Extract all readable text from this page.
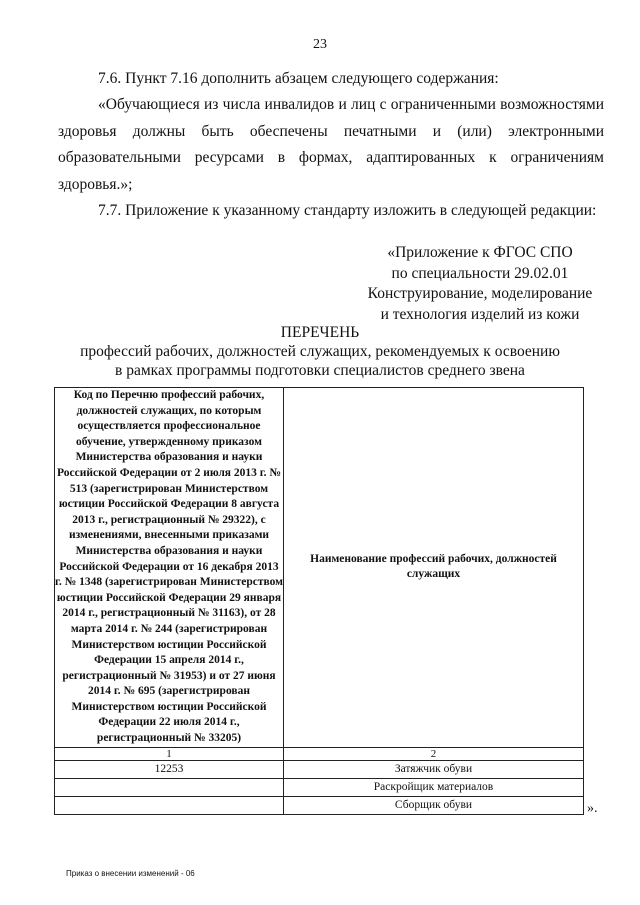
23
7.6. Пункт 7.16 дополнить абзацем следующего содержания:
«Обучающиеся из числа инвалидов и лиц с ограниченными возможностями здоровья должны быть обеспечены печатными и (или) электронными образовательными ресурсами в формах, адаптированных к ограничениям здоровья.»;
7.7. Приложение к указанному стандарту изложить в следующей редакции:
«Приложение к ФГОС СПО
по специальности 29.02.01
Конструирование, моделирование
и технология изделий из кожи
ПЕРЕЧЕНЬ
профессий рабочих, должностей служащих, рекомендуемых к освоению
в рамках программы подготовки специалистов среднего звена
Код по Перечню профессий рабочих, должностей служащих, по которым осуществляется профессиональное обучение, утвержденному приказом Министерства образования и науки Российской Федерации от 2 июля 2013 г. № 513 (зарегистрирован Министерством юстиции Российской Федерации 8 августа 2013 г., регистрационный № 29322), с изменениями, внесенными приказами Министерства образования и науки Российской Федерации от 16 декабря 2013 г. № 1348 (зарегистрирован Министерством юстиции Российской Федерации 29 января 2014 г., регистрационный № 31163), от 28 марта 2014 г. № 244 (зарегистрирован Министерством юстиции Российской Федерации 15 апреля 2014 г., регистрационный № 31953) и от 27 июня 2014 г. № 695 (зарегистрирован Министерством юстиции Российской Федерации 22 июля 2014 г., регистрационный № 33205)	Наименование профессий рабочих, должностей служащих
1	2
12253	Затяжчик обуви
	Раскройщик материалов
	Сборщик обуви	».
Приказ о внесении изменений - 06
